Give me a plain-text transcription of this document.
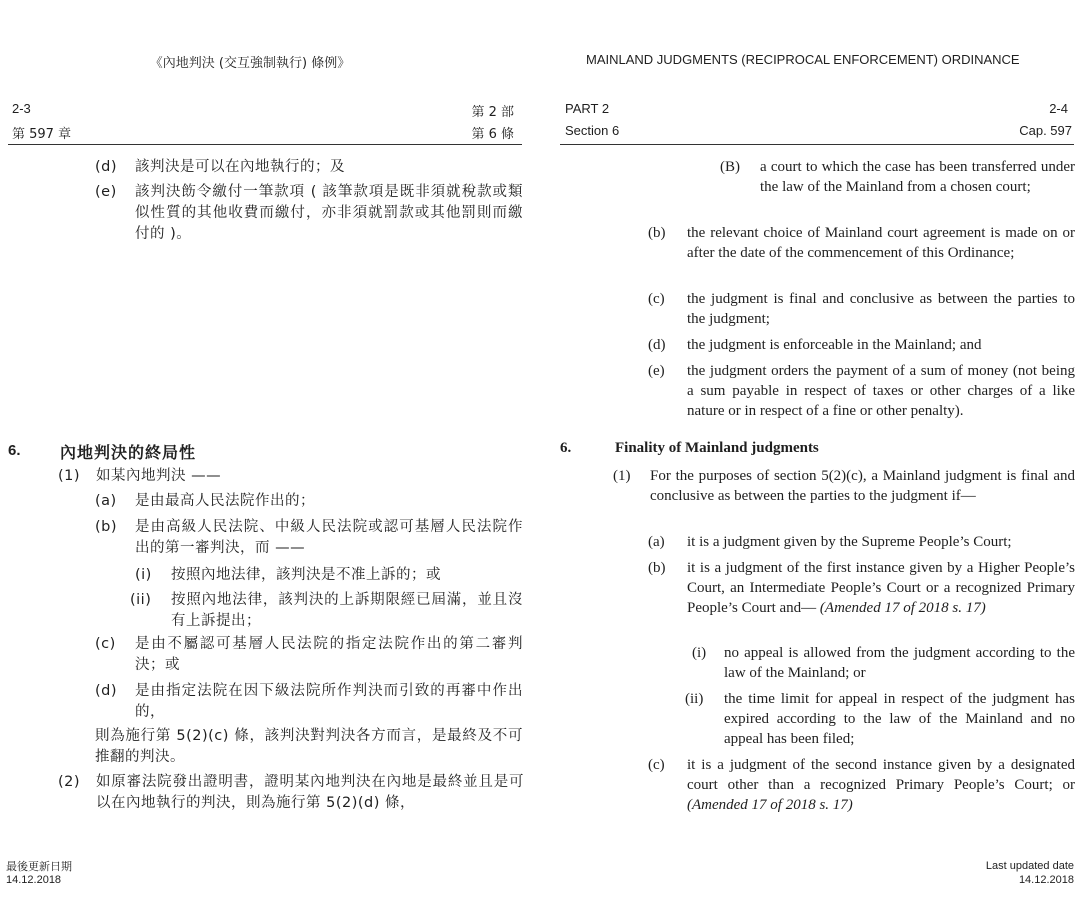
《內地判決 (交互強制執行) 條例》
2-3	第 2 部
第 597 章	第 6 條
(d) 該判決是可以在內地執行的；及
(e) 該判決飭令繳付一筆款項 ( 該筆款項是既非須就稅款或類似性質的其他收費而繳付，亦非須就罰款或其他罰則而繳付的 )。
6. 內地判決的終局性
(1) 如某內地判決 ——
(a) 是由最高人民法院作出的；
(b) 是由高級人民法院、中級人民法院或認可基層人民法院作出的第一審判決，而 ——
(i) 按照內地法律，該判決是不准上訴的；或
(ii) 按照內地法律，該判決的上訴期限經已屆滿，並且沒有上訴提出；
(c) 是由不屬認可基層人民法院的指定法院作出的第二審判決；或
(d) 是由指定法院在因下級法院所作判決而引致的再審中作出的，
則為施行第 5(2)(c) 條，該判決對判決各方而言，是最終及不可推翻的判決。
(2) 如原審法院發出證明書，證明某內地判決在內地是最終並且是可以在內地執行的判決，則為施行第 5(2)(d) 條，
最後更新日期
14.12.2018
MAINLAND JUDGMENTS (RECIPROCAL ENFORCEMENT) ORDINANCE
PART 2	2-4
Section 6	Cap. 597
(B) a court to which the case has been transferred under the law of the Mainland from a chosen court;
(b) the relevant choice of Mainland court agreement is made on or after the date of the commencement of this Ordinance;
(c) the judgment is final and conclusive as between the parties to the judgment;
(d) the judgment is enforceable in the Mainland; and
(e) the judgment orders the payment of a sum of money (not being a sum payable in respect of taxes or other charges of a like nature or in respect of a fine or other penalty).
6.	Finality of Mainland judgments
(1) For the purposes of section 5(2)(c), a Mainland judgment is final and conclusive as between the parties to the judgment if—
(a) it is a judgment given by the Supreme People’s Court;
(b) it is a judgment of the first instance given by a Higher People’s Court, an Intermediate People’s Court or a recognized Primary People’s Court and— (Amended 17 of 2018 s. 17)
(i) no appeal is allowed from the judgment according to the law of the Mainland; or
(ii) the time limit for appeal in respect of the judgment has expired according to the law of the Mainland and no appeal has been filed;
(c) it is a judgment of the second instance given by a designated court other than a recognized Primary People’s Court; or (Amended 17 of 2018 s. 17)
Last updated date
14.12.2018
